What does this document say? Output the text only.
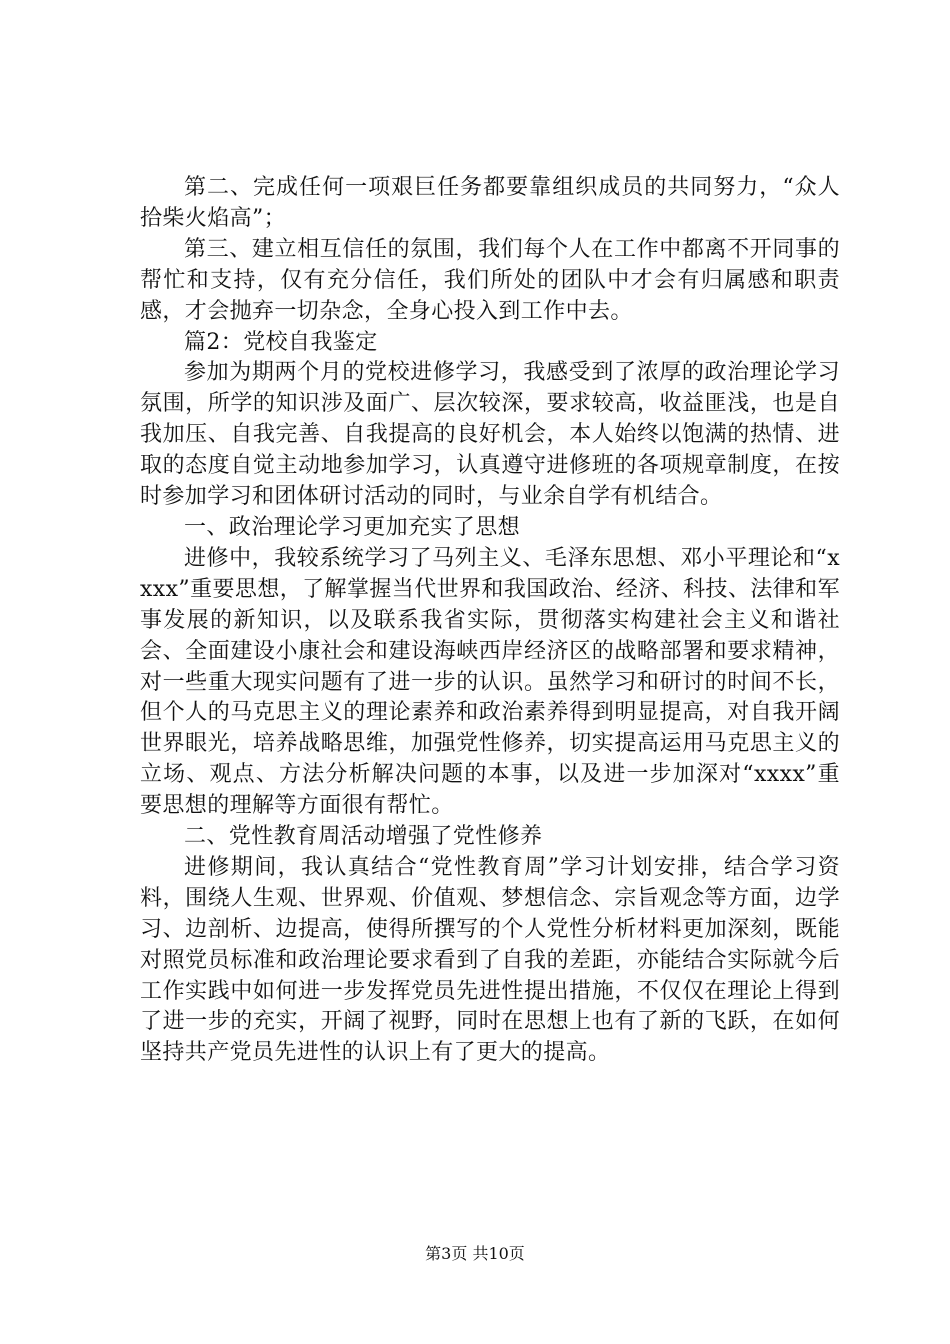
第二、完成任何一项艰巨任务都要靠组织成员的共同努力，“众人拾柴火焰高”；

第三、建立相互信任的氛围，我们每个人在工作中都离不开同事的帮忙和支持，仅有充分信任，我们所处的团队中才会有归属感和职责感，才会抛弃一切杂念，全身心投入到工作中去。

篇2：党校自我鉴定

参加为期两个月的党校进修学习，我感受到了浓厚的政治理论学习氛围，所学的知识涉及面广、层次较深，要求较高，收益匪浅，也是自我加压、自我完善、自我提高的良好机会，本人始终以饱满的热情、进取的态度自觉主动地参加学习，认真遵守进修班的各项规章制度，在按时参加学习和团体研讨活动的同时，与业余自学有机结合。

一、政治理论学习更加充实了思想

进修中，我较系统学习了马列主义、毛泽东思想、邓小平理论和“xxxx”重要思想，了解掌握当代世界和我国政治、经济、科技、法律和军事发展的新知识，以及联系我省实际，贯彻落实构建社会主义和谐社会、全面建设小康社会和建设海峡西岸经济区的战略部署和要求精神，对一些重大现实问题有了进一步的认识。虽然学习和研讨的时间不长，但个人的马克思主义的理论素养和政治素养得到明显提高，对自我开阔世界眼光，培养战略思维，加强党性修养，切实提高运用马克思主义的立场、观点、方法分析解决问题的本事，以及进一步加深对“xxxx”重要思想的理解等方面很有帮忙。

二、党性教育周活动增强了党性修养

进修期间，我认真结合“党性教育周”学习计划安排，结合学习资料，围绕人生观、世界观、价值观、梦想信念、宗旨观念等方面，边学习、边剖析、边提高，使得所撰写的个人党性分析材料更加深刻，既能对照党员标准和政治理论要求看到了自我的差距，亦能结合实际就今后工作实践中如何进一步发挥党员先进性提出措施，不仅仅在理论上得到了进一步的充实，开阔了视野，同时在思想上也有了新的飞跃，在如何坚持共产党员先进性的认识上有了更大的提高。

第3页 共10页
